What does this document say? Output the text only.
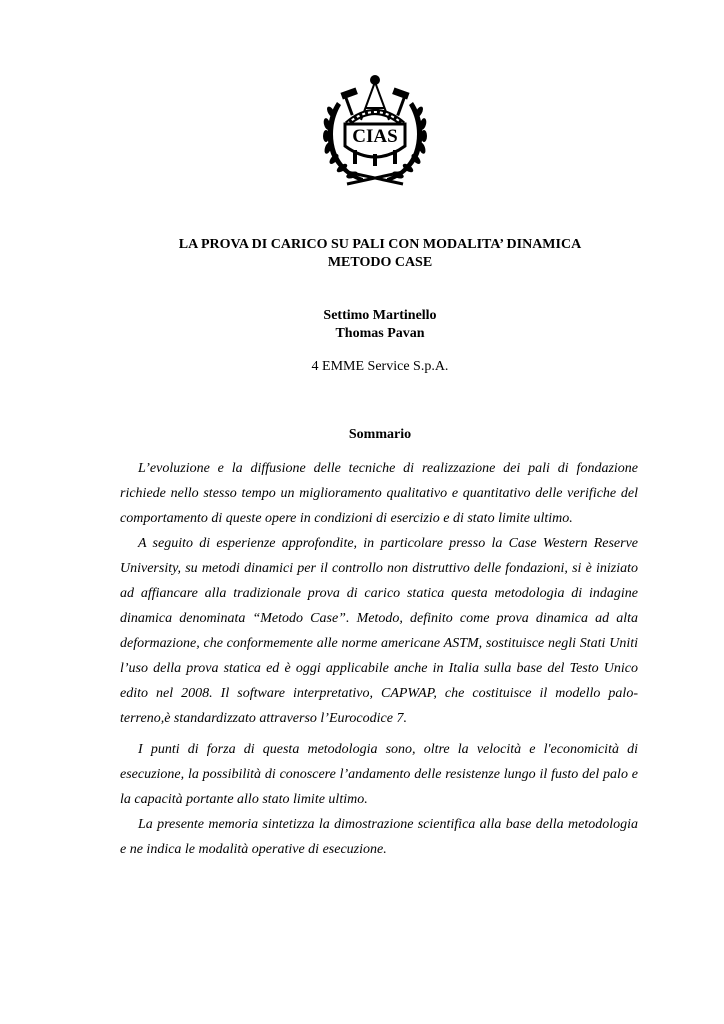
CIAS
LA PROVA DI CARICO SU PALI CON MODALITA’ DINAMICA
METODO CASE
Settimo Martinello
Thomas Pavan
4 EMME Service S.p.A.
Sommario

L’evoluzione e la diffusione delle tecniche di realizzazione dei pali di fondazione richiede nello stesso tempo un miglioramento qualitativo e quantitativo delle verifiche del comportamento di queste opere in condizioni di esercizio e di stato limite ultimo.

A seguito di esperienze approfondite, in particolare presso la Case Western Reserve University, su metodi dinamici per il controllo non distruttivo delle fondazioni, si è iniziato ad affiancare alla tradizionale prova di carico statica questa metodologia di indagine dinamica denominata “Metodo Case”. Metodo, definito come prova dinamica ad alta deformazione, che conformemente alle norme americane ASTM, sostituisce negli Stati Uniti l’uso della prova statica ed è oggi applicabile anche in Italia sulla base del Testo Unico edito nel 2008. Il software interpretativo, CAPWAP, che costituisce il modello palo-terreno,è standardizzato attraverso l’Eurocodice 7.

I punti di forza di questa metodologia sono, oltre la velocità e l'economicità di esecuzione, la possibilità di conoscere l’andamento delle resistenze lungo il fusto del palo e la capacità portante allo stato limite ultimo.

La presente memoria sintetizza la dimostrazione scientifica alla base della metodologia e ne indica le modalità operative di esecuzione.
